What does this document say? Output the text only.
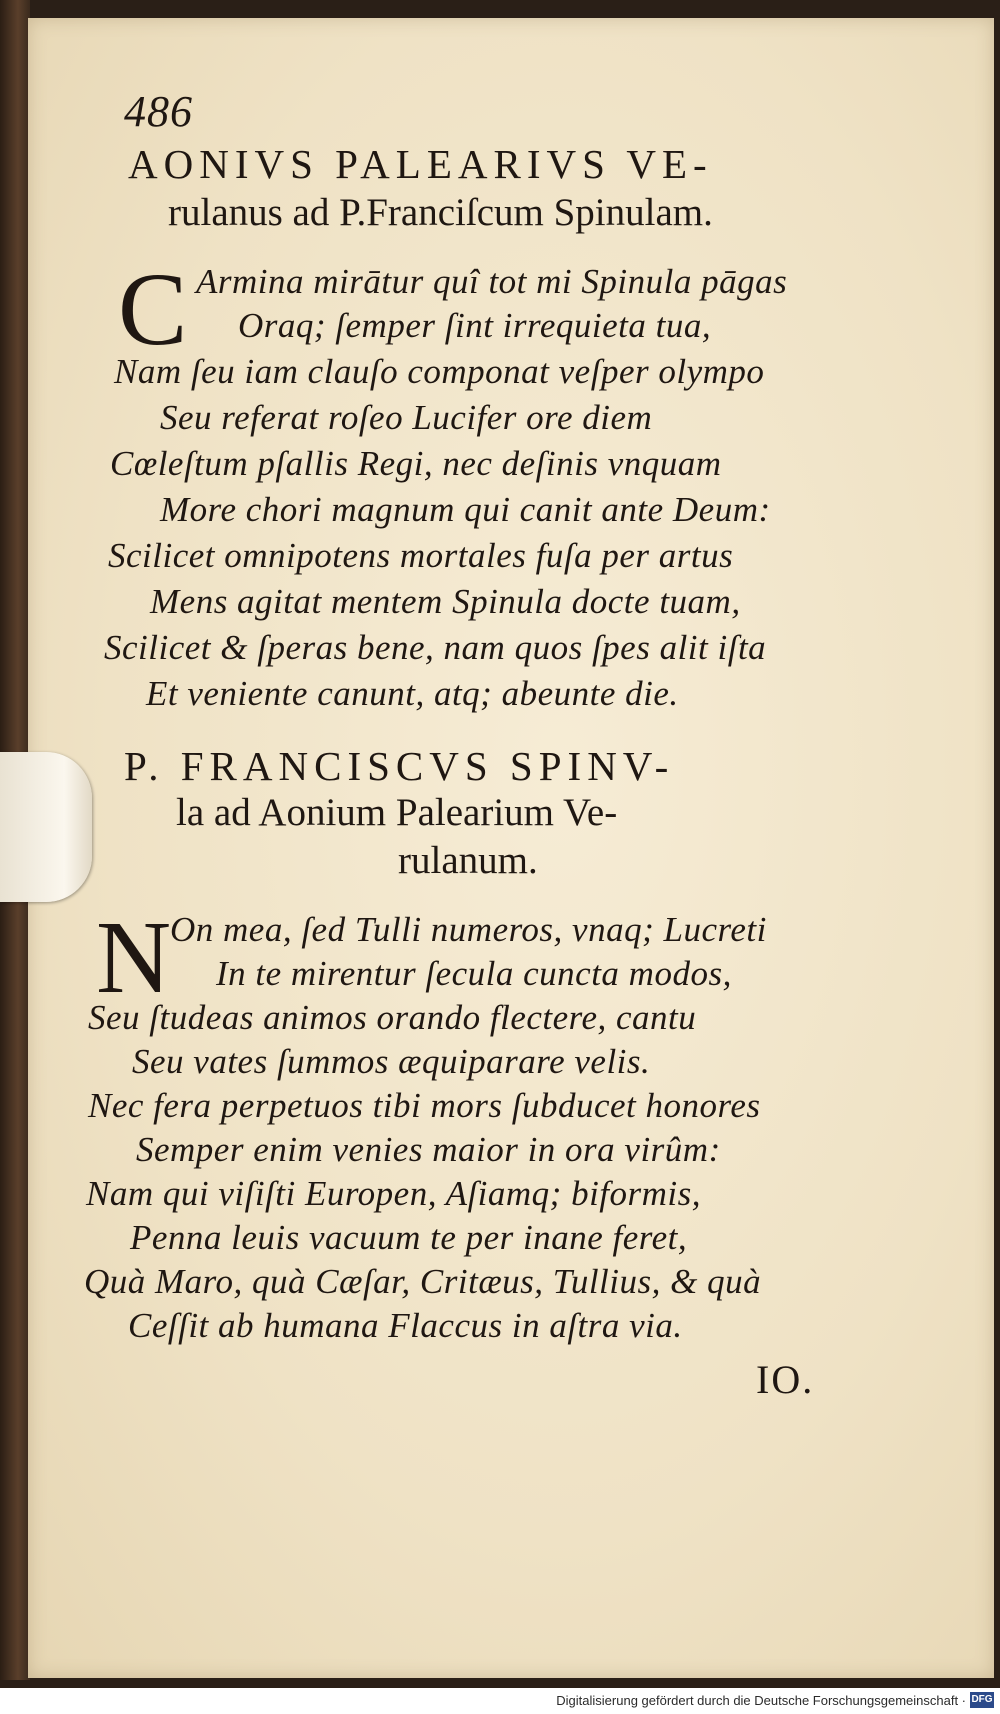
486
AONIVS PALEARIVS VE-
rulanus ad P.Franciſcum Spinulam.
C Armina mirātur quî tot mi Spinula pāgas
Oraq; ſemper ſint irrequieta tua,
Nam ſeu iam clauſo componat veſper olympo
Seu referat roſeo Lucifer ore diem
Cœleſtum pſallis Regi, nec deſinis vnquam
More chori magnum qui canit ante Deum:
Scilicet omnipotens mortales fuſa per artus
Mens agitat mentem Spinula docte tuam,
Scilicet & ſperas bene, nam quos ſpes alit iſta
Et veniente canunt, atq; abeunte die.
P. FRANCISCVS SPINV-
la ad Aonium Palearium Ve-
rulanum.
N
On mea, ſed Tulli numeros, vnaq; Lucreti
In te mirentur ſecula cuncta modos,
Seu ſtudeas animos orando flectere, cantu
Seu vates ſummos æquiparare velis.
Nec fera perpetuos tibi mors ſubducet honores
Semper enim venies maior in ora virûm:
Nam qui viſiſti Europen, Aſiamq; biformis,
Penna leuis vacuum te per inane feret,
Quà Maro, quà Cæſar, Critæus, Tullius, & quà
Ceſſit ab humana Flaccus in aſtra via.
IO.
Digitalisierung gefördert durch die Deutsche Forschungsgemeinschaft · DFG
